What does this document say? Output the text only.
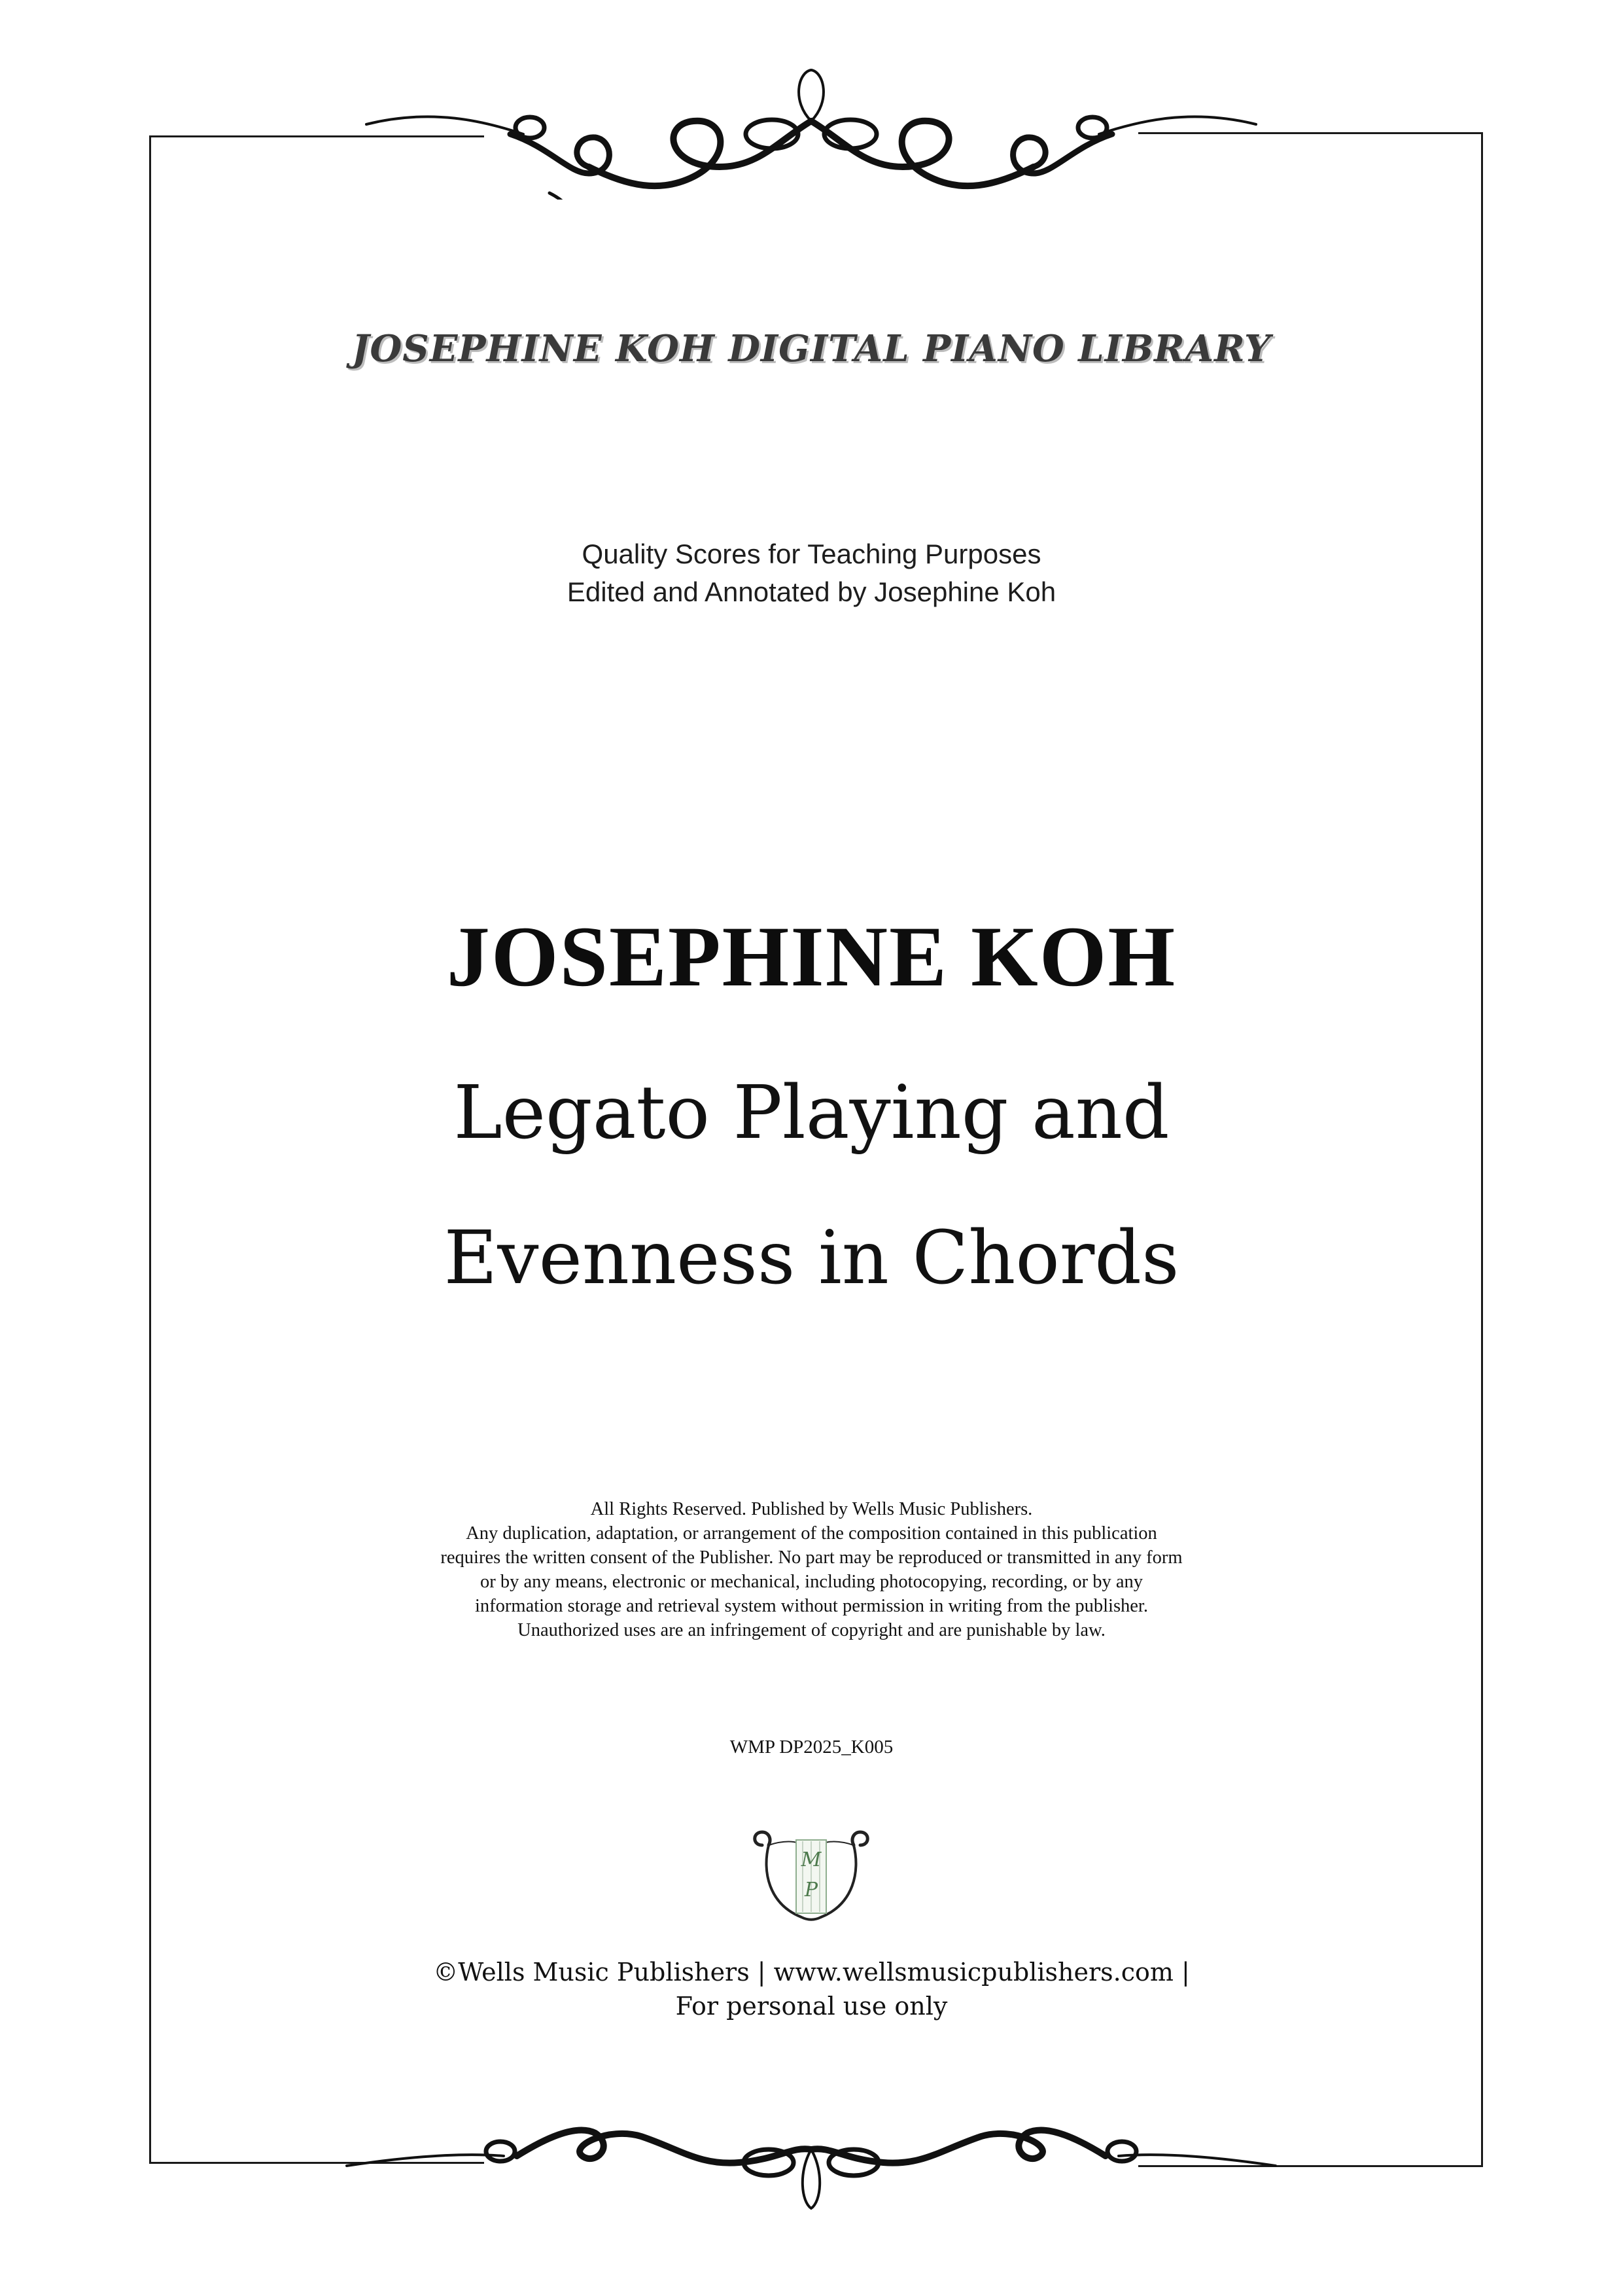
JOSEPHINE KOH DIGITAL PIANO LIBRARY
Quality Scores for Teaching Purposes
Edited and Annotated by Josephine Koh
JOSEPHINE KOH
Legato Playing and
Evenness in Chords
All Rights Reserved. Published by Wells Music Publishers.
Any duplication, adaptation, or arrangement of the composition contained in this publication
requires the written consent of the Publisher. No part may be reproduced or transmitted in any form
or by any means, electronic or mechanical, including photocopying, recording, or by any
information storage and retrieval system without permission in writing from the publisher.
Unauthorized uses are an infringement of copyright and are punishable by law.
WMP DP2025_K005
M
P
©Wells Music Publishers | www.wellsmusicpublishers.com |
For personal use only
